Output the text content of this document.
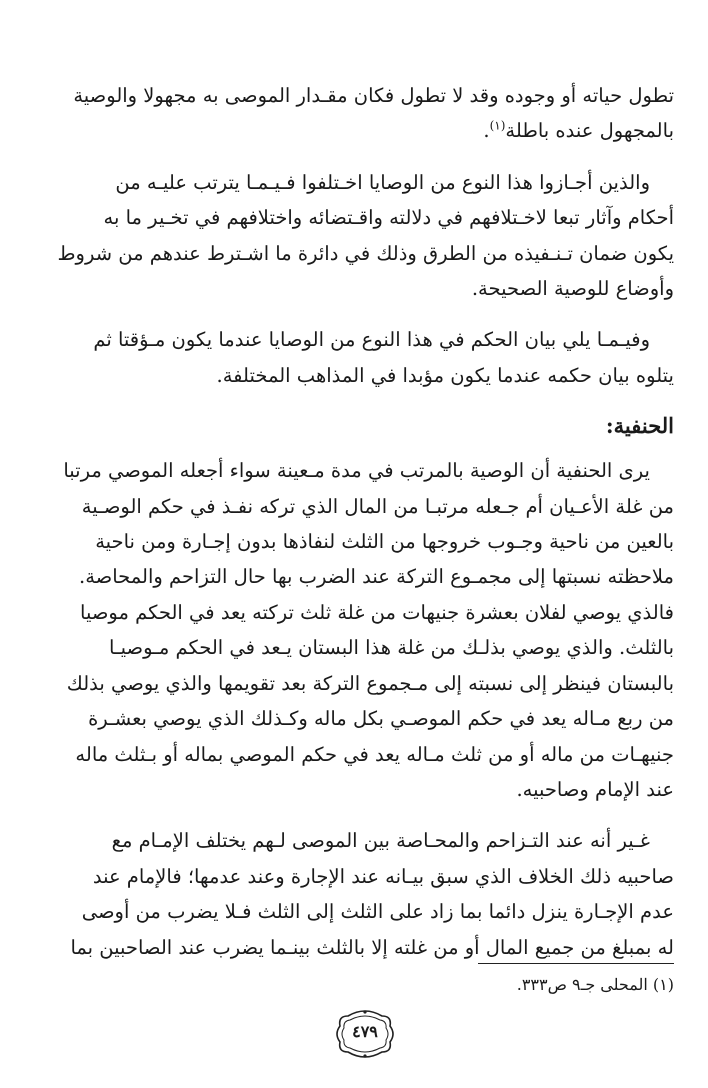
تطول حياته أو وجوده وقد لا تطول فكان مقـدار الموصى به مجهولا والوصية
بالمجهول عنده باطلة$^{(١)}$.

والذين أجـازوا هذا النوع من الوصايا اخـتلفوا فـيـمـا يترتب عليـه من
أحكام وآثار تبعا لاخـتلافهم في دلالته واقـتضائه واختلافهم في تخـير ما به
يكون ضمان تـنـفيذه من الطرق وذلك في دائرة ما اشـترط عندهم من شروط
وأوضاع للوصية الصحيحة.

وفيـمـا يلي بيان الحكم في هذا النوع من الوصايا عندما يكون مـؤقتا ثم
يتلوه بيان حكمه عندما يكون مؤبدا في المذاهب المختلفة.

الحنفية:

يرى الحنفية أن الوصية بالمرتب في مدة مـعينة سواء أجعله الموصي مرتبا
من غلة الأعـيان أم جـعله مرتبـا من المال الذي تركه نفـذ في حكم الوصـية
بالعين من ناحية وجـوب خروجها من الثلث لنفاذها بدون إجـارة ومن ناحية
ملاحظته نسبتها إلى مجمـوع التركة عند الضرب بها حال التزاحم والمحاصة.
فالذي يوصي لفلان بعشرة جنيهات من غلة ثلث تركته يعد في الحكم موصيا
بالثلث. والذي يوصي بذلـك من غلة هذا البستان يـعد في الحكم مـوصيـا
بالبستان فينظر إلى نسبته إلى مـجموع التركة بعد تقويمها والذي يوصي بذلك
من ربع مـاله يعد في حكم الموصـي بكل ماله وكـذلك الذي يوصي بعشـرة
جنيهـات من ماله أو من ثلث مـاله يعد في حكم الموصي بماله أو بـثلث ماله
عند الإمام وصاحبيه.

غـير أنه عند التـزاحم والمحـاصة بين الموصى لـهم يختلف الإمـام مع
صاحبيه ذلك الخلاف الذي سبق بيـانه عند الإجارة وعند عدمها؛ فالإمام عند
عدم الإجـارة ينزل دائما بما زاد على الثلث إلى الثلث فـلا يضرب من أوصى
له بمبلغ من جميع المال أو من غلته إلا بالثلث بينـما يضرب عند الصاحبين بما

(١) المحلى جـ٩ ص٣٣٣.
٤٧٩
